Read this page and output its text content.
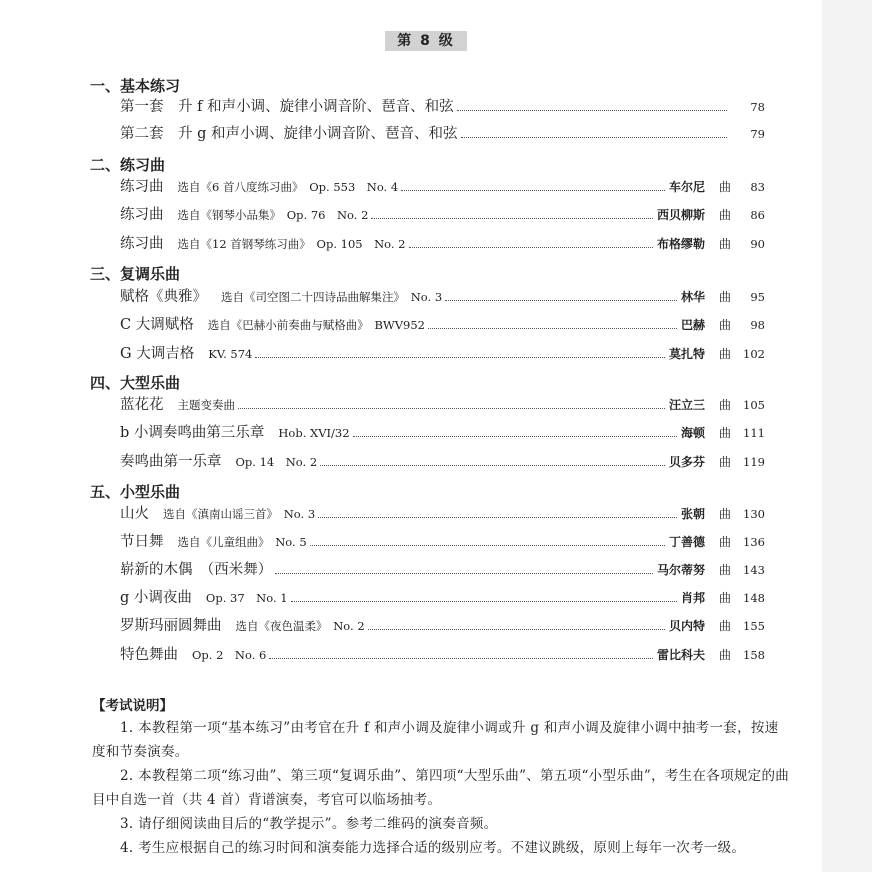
第 8 级
一、基本练习
第一套　升 f 和声小调、旋律小调音阶、琶音、和弦	78
第二套　升 g 和声小调、旋律小调音阶、琶音、和弦	79
二、练习曲
练习曲 选自《6 首八度练习曲》　Op. 553　No. 4	车尔尼 曲	83
练习曲 选自《钢琴小品集》　Op. 76　No. 2	西贝柳斯 曲	86
练习曲 选自《12 首钢琴练习曲》　Op. 105　No. 2	布格缪勒 曲	90
三、复调乐曲
赋格《典雅》 选自《司空图二十四诗品曲解集注》　No. 3	林华 曲	95
C 大调赋格 选自《巴赫小前奏曲与赋格曲》　BWV952	巴赫 曲	98
G 大调吉格 KV. 574	莫扎特 曲	102
四、大型乐曲
蓝花花 主题变奏曲	汪立三 曲	105
b 小调奏鸣曲第三乐章 Hob. XVI/32	海顿 曲	111
奏鸣曲第一乐章 Op. 14　No. 2	贝多芬 曲	119
五、小型乐曲
山火 选自《滇南山谣三首》　No. 3	张朝 曲	130
节日舞 选自《儿童组曲》　No. 5	丁善德 曲	136
崭新的木偶　（西米舞）	马尔蒂努 曲	143
g 小调夜曲 Op. 37　No. 1	肖邦 曲	148
罗斯玛丽圆舞曲 选自《夜色温柔》　No. 2	贝内特 曲	155
特色舞曲 Op. 2　No. 6	雷比科夫 曲	158
【考试说明】
1. 本教程第一项“基本练习”由考官在升 f 和声小调及旋律小调或升 g 和声小调及旋律小调中抽考一套，按速度和节奏演奏。
2. 本教程第二项“练习曲”、第三项“复调乐曲”、第四项“大型乐曲”、第五项“小型乐曲”，考生在各项规定的曲目中自选一首（共 4 首）背谱演奏，考官可以临场抽考。
3. 请仔细阅读曲目后的“教学提示”。参考二维码的演奏音频。
4. 考生应根据自己的练习时间和演奏能力选择合适的级别应考。不建议跳级，原则上每年一次考一级。
